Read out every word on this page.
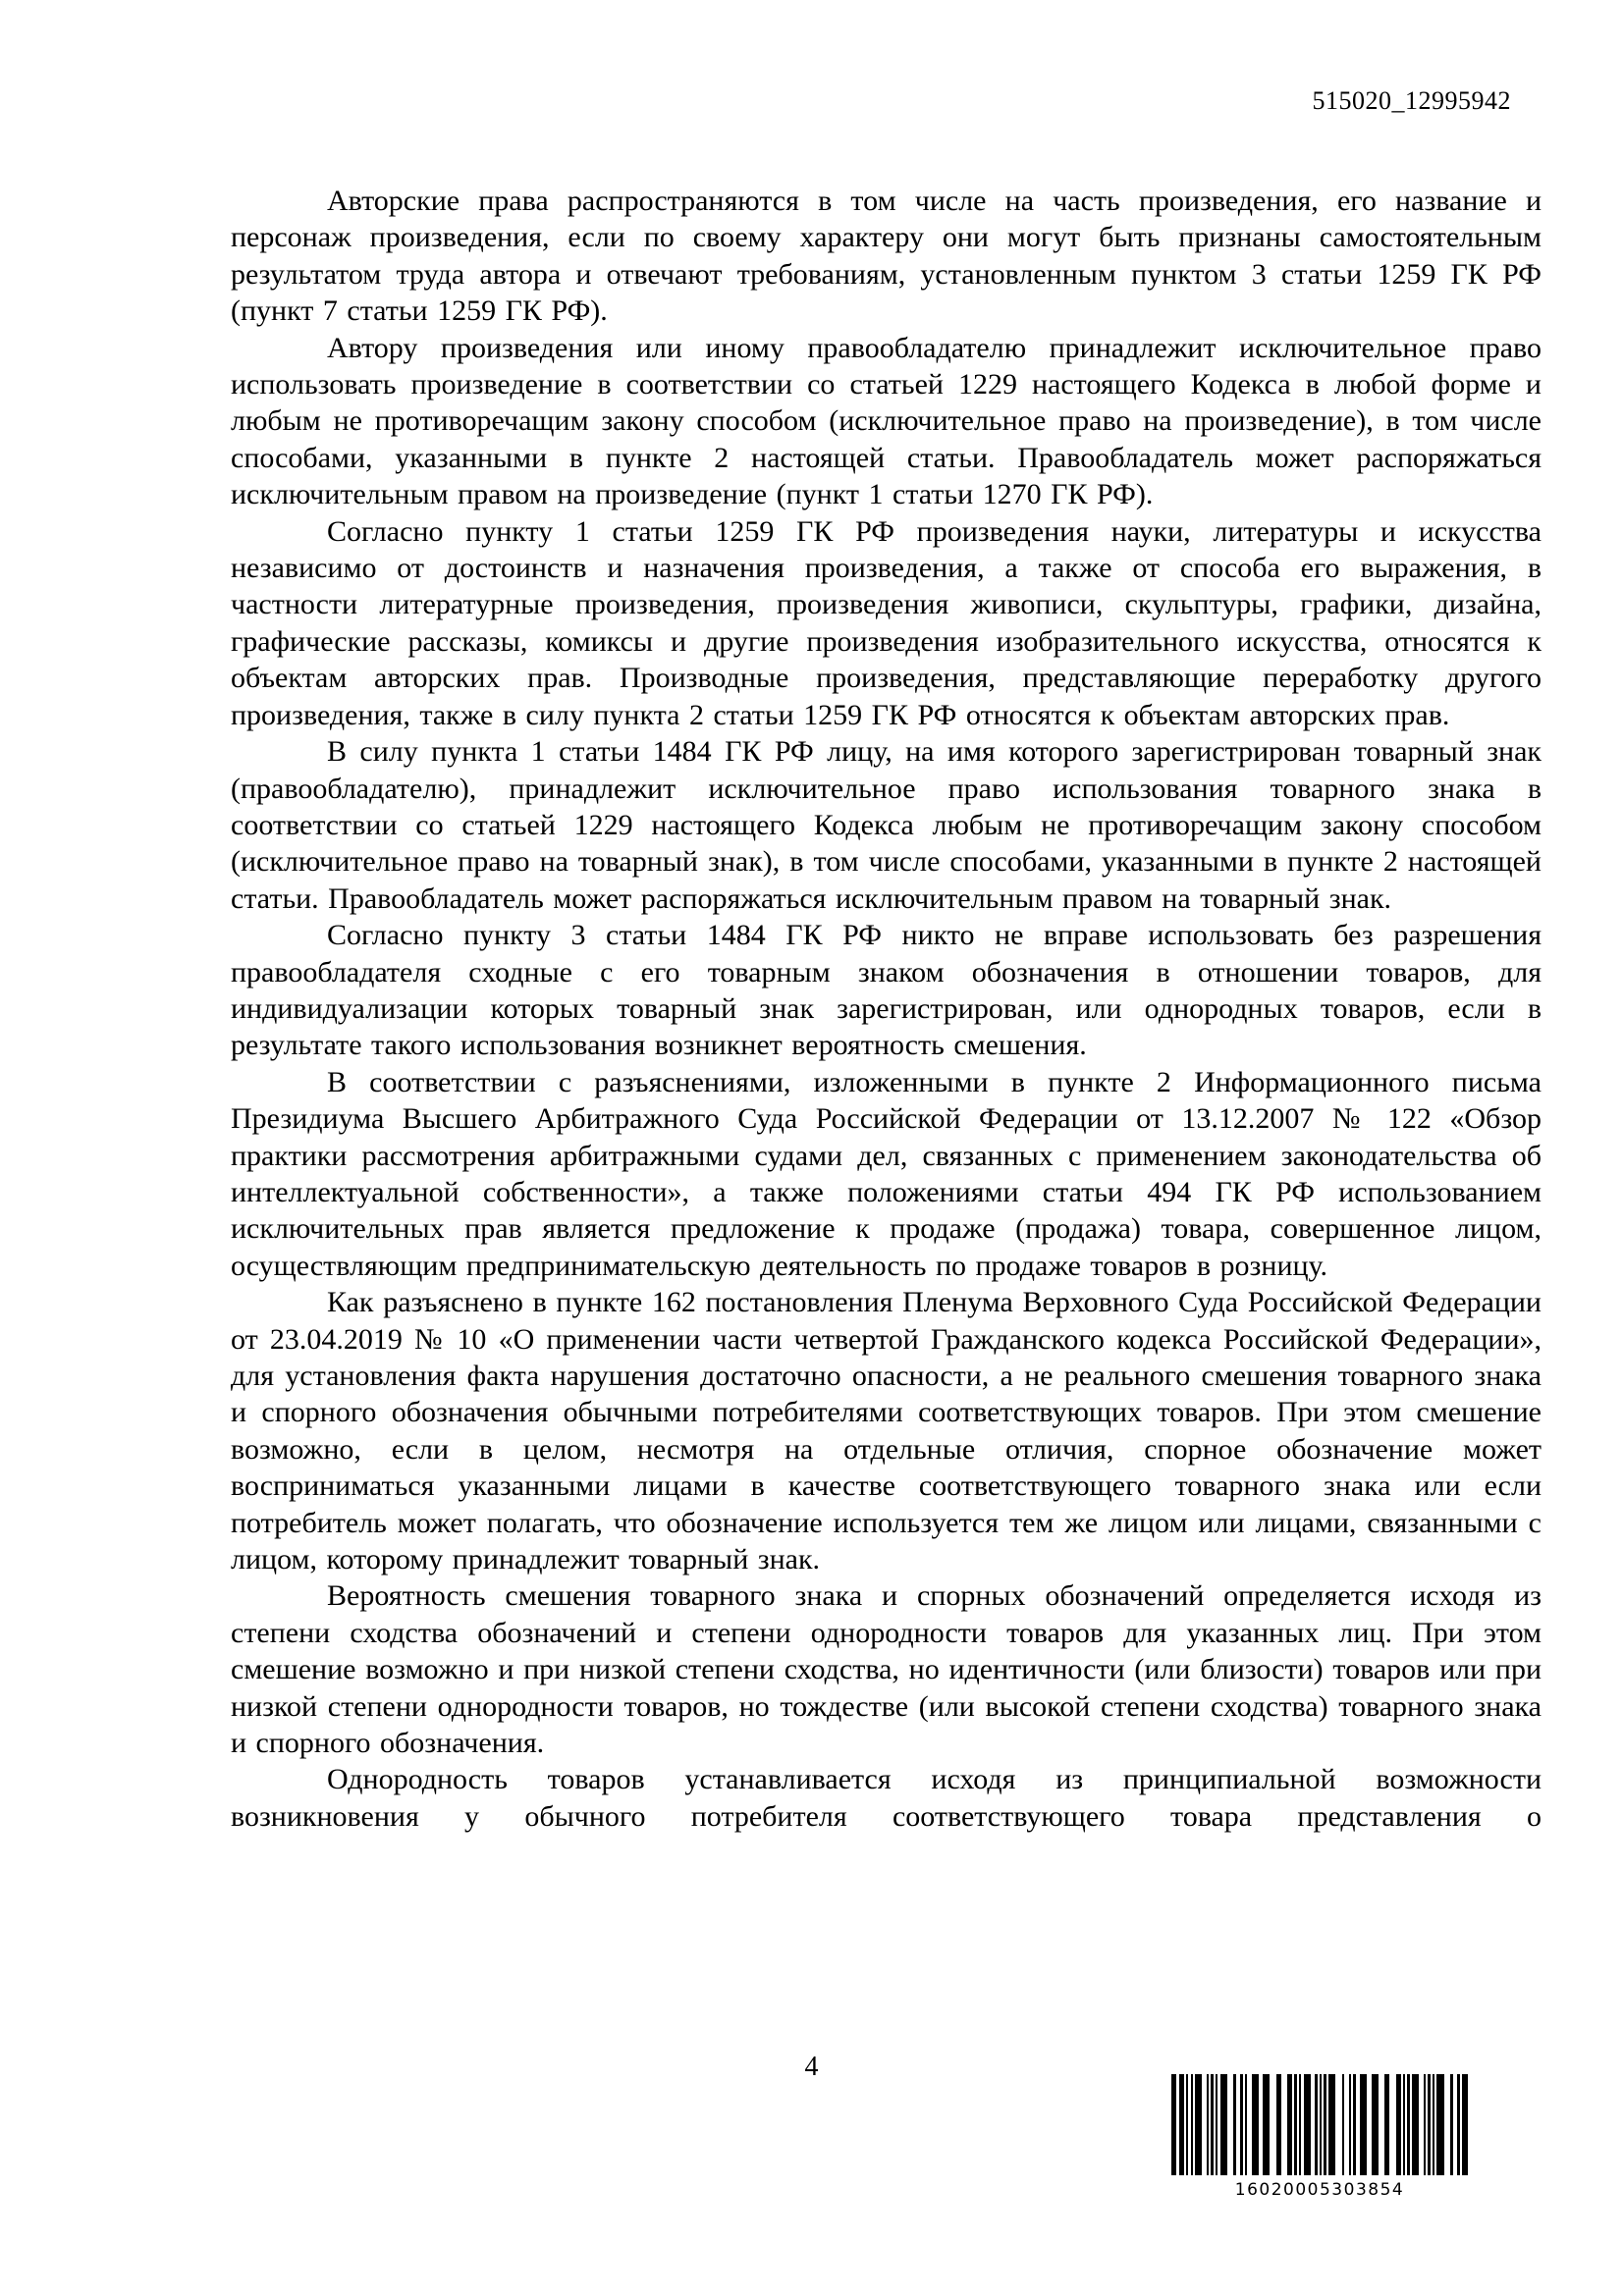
515020_12995942

Авторские права распространяются в том числе на часть произведения, его название и персонаж произведения, если по своему характеру они могут быть признаны самостоятельным результатом труда автора и отвечают требованиям, установленным пунктом 3 статьи 1259 ГК РФ (пункт 7 статьи 1259 ГК РФ).

Автору произведения или иному правообладателю принадлежит исключительное право использовать произведение в соответствии со статьей 1229 настоящего Кодекса в любой форме и любым не противоречащим закону способом (исключительное право на произведение), в том числе способами, указанными в пункте 2 настоящей статьи. Правообладатель может распоряжаться исключительным правом на произведение (пункт 1 статьи 1270 ГК РФ).

Согласно пункту 1 статьи 1259 ГК РФ произведения науки, литературы и искусства независимо от достоинств и назначения произведения, а также от способа его выражения, в частности литературные произведения, произведения живописи, скульптуры, графики, дизайна, графические рассказы, комиксы и другие произведения изобразительного искусства, относятся к объектам авторских прав. Производные произведения, представляющие переработку другого произведения, также в силу пункта 2 статьи 1259 ГК РФ относятся к объектам авторских прав.

В силу пункта 1 статьи 1484 ГК РФ лицу, на имя которого зарегистрирован товарный знак (правообладателю), принадлежит исключительное право использования товарного знака в соответствии со статьей 1229 настоящего Кодекса любым не противоречащим закону способом (исключительное право на товарный знак), в том числе способами, указанными в пункте 2 настоящей статьи. Правообладатель может распоряжаться исключительным правом на товарный знак.

Согласно пункту 3 статьи 1484 ГК РФ никто не вправе использовать без разрешения правообладателя сходные с его товарным знаком обозначения в отношении товаров, для индивидуализации которых товарный знак зарегистрирован, или однородных товаров, если в результате такого использования возникнет вероятность смешения.

В соответствии с разъяснениями, изложенными в пункте 2 Информационного письма Президиума Высшего Арбитражного Суда Российской Федерации от 13.12.2007 № 122 «Обзор практики рассмотрения арбитражными судами дел, связанных с применением законодательства об интеллектуальной собственности», а также положениями статьи 494 ГК РФ использованием исключительных прав является предложение к продаже (продажа) товара, совершенное лицом, осуществляющим предпринимательскую деятельность по продаже товаров в розницу.

Как разъяснено в пункте 162 постановления Пленума Верховного Суда Российской Федерации от 23.04.2019 № 10 «О применении части четвертой Гражданского кодекса Российской Федерации», для установления факта нарушения достаточно опасности, а не реального смешения товарного знака и спорного обозначения обычными потребителями соответствующих товаров. При этом смешение возможно, если в целом, несмотря на отдельные отличия, спорное обозначение может восприниматься указанными лицами в качестве соответствующего товарного знака или если потребитель может полагать, что обозначение используется тем же лицом или лицами, связанными с лицом, которому принадлежит товарный знак.

Вероятность смешения товарного знака и спорных обозначений определяется исходя из степени сходства обозначений и степени однородности товаров для указанных лиц. При этом смешение возможно и при низкой степени сходства, но идентичности (или близости) товаров или при низкой степени однородности товаров, но тождестве (или высокой степени сходства) товарного знака и спорного обозначения.

Однородность товаров устанавливается исходя из принципиальной возможности возникновения у обычного потребителя соответствующего товара представления о

4
16020005303854
